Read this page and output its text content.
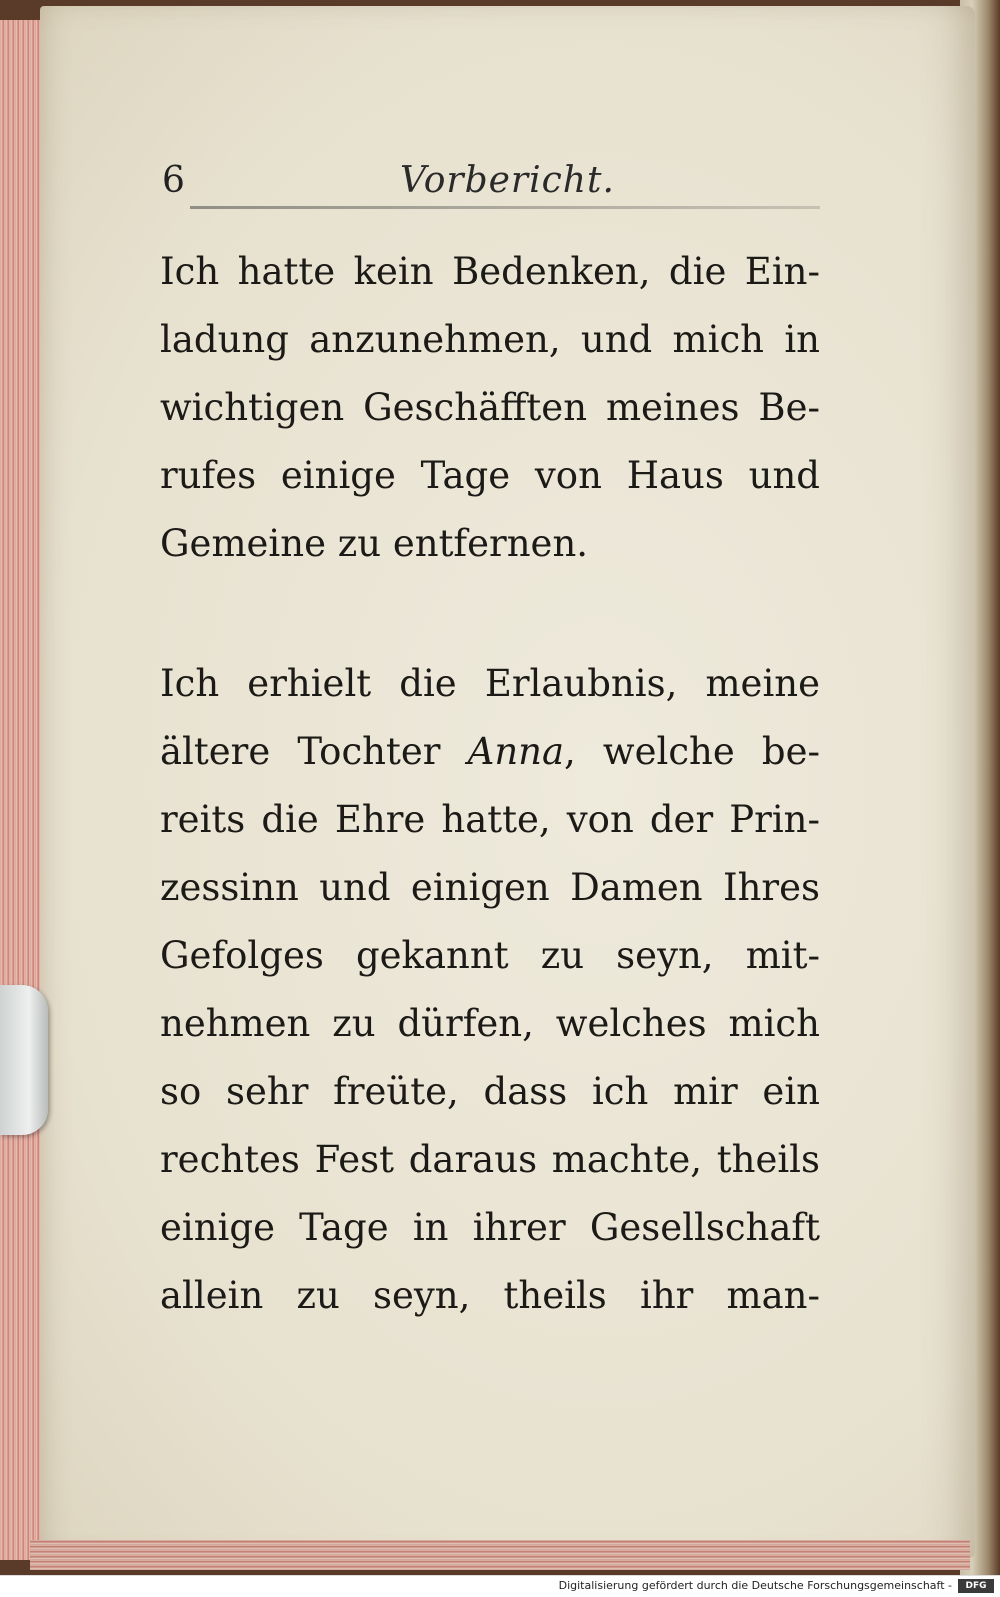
6	Vorbericht.
Ich hatte kein Bedenken, die Ein-
ladung anzunehmen, und mich in
wichtigen Geschäfften meines Be-
rufes einige Tage von Haus und
Gemeine zu entfernen.
Ich erhielt die Erlaubnis, meine
ältere Tochter Anna, welche be-
reits die Ehre hatte, von der Prin-
zessinn und einigen Damen Ihres
Gefolges gekannt zu seyn, mit-
nehmen zu dürfen, welches mich
so sehr freüte, dass ich mir ein
rechtes Fest daraus machte, theils
einige Tage in ihrer Gesellschaft
allein zu seyn, theils ihr man-
Digitalisierung gefördert durch die Deutsche Forschungsgemeinschaft -	DFG
